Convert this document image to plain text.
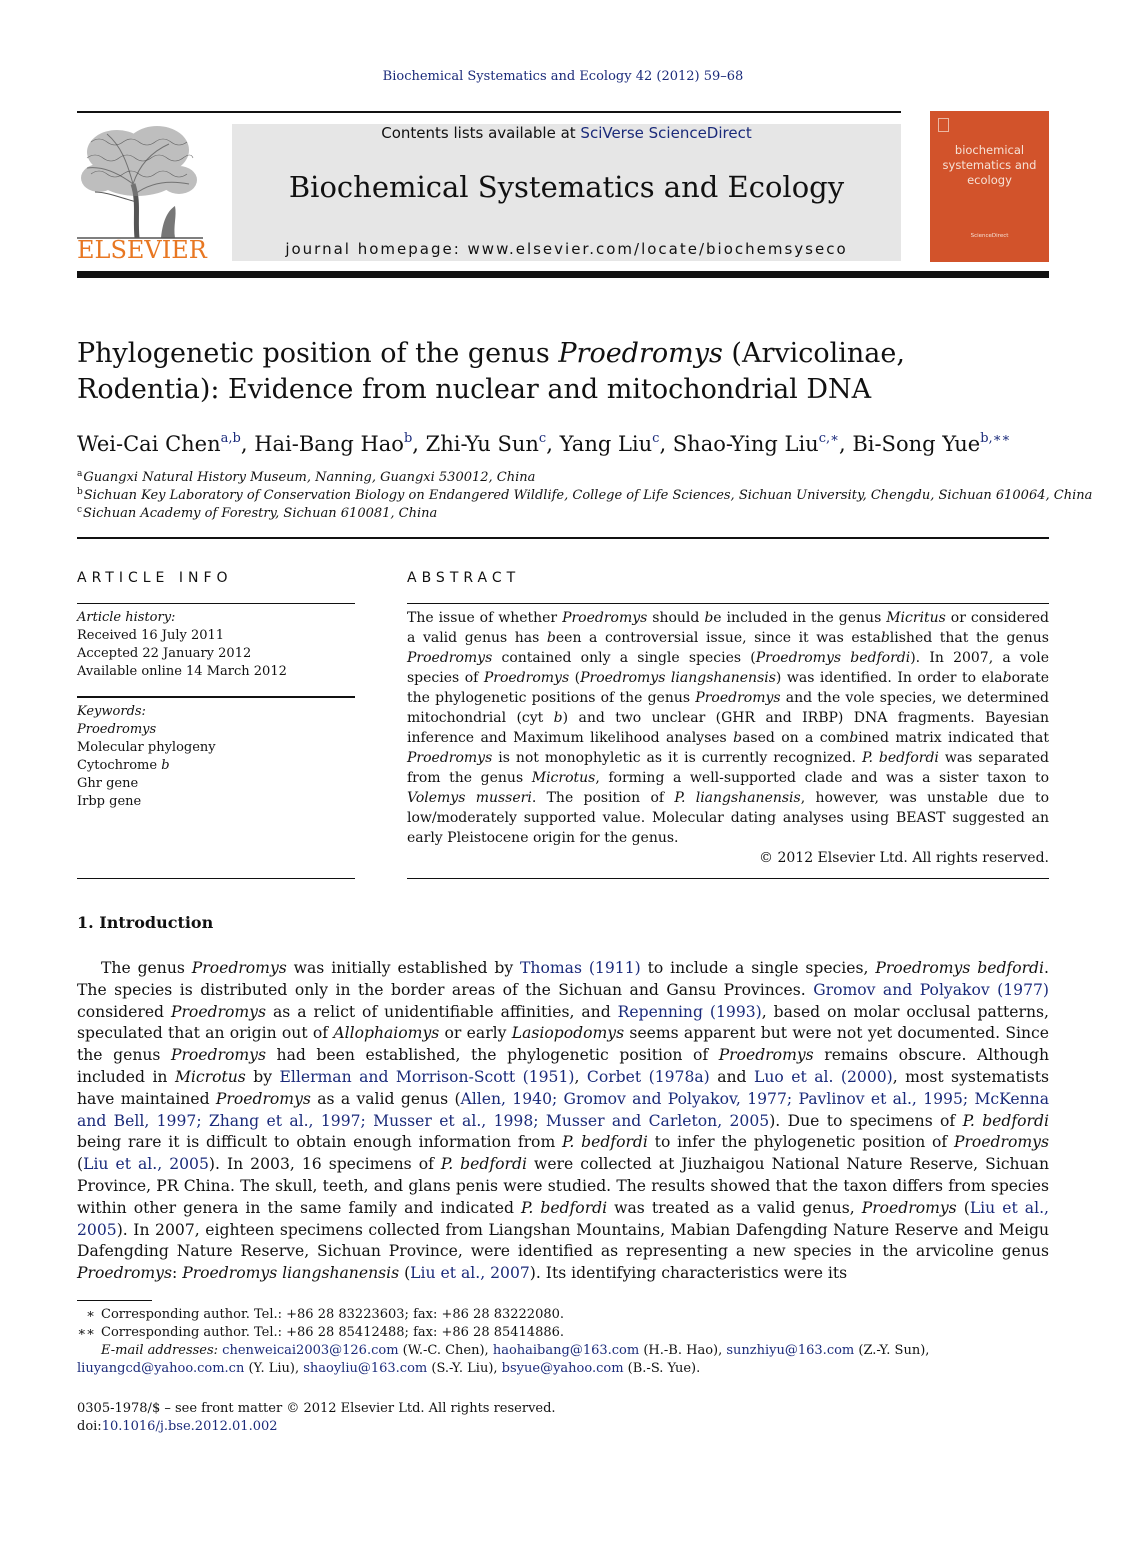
Biochemical Systematics and Ecology 42 (2012) 59–68
ELSEVIER
Contents lists available at SciVerse ScienceDirect
Biochemical Systematics and Ecology
journal homepage: www.elsevier.com/locate/biochemsyseco
biochemical systematics and ecology
ScienceDirect
Phylogenetic position of the genus Proedromys (Arvicolinae, Rodentia): Evidence from nuclear and mitochondrial DNA
Wei-Cai Chen$^{a,b}$, Hai-Bang Hao$^b$, Zhi-Yu Sun$^c$, Yang Liu$^c$, Shao-Ying Liu$^{c,∗}$, Bi-Song Yue$^{b,∗∗}$
$^a$Guangxi Natural History Museum, Nanning, Guangxi 530012, China
$^b$Sichuan Key Laboratory of Conservation Biology on Endangered Wildlife, College of Life Sciences, Sichuan University, Chengdu, Sichuan 610064, China
$^c$Sichuan Academy of Forestry, Sichuan 610081, China
ARTICLE INFO
Article history:
Received 16 July 2011
Accepted 22 January 2012
Available online 14 March 2012
Keywords:
Proedromys
Molecular phylogeny
Cytochrome b
Ghr gene
Irbp gene
ABSTRACT
The issue of whether Proedromys should be included in the genus Micritus or considered a valid genus has been a controversial issue, since it was established that the genus Proedromys contained only a single species (Proedromys bedfordi). In 2007, a vole species of Proedromys (Proedromys liangshanensis) was identified. In order to elaborate the phylogenetic positions of the genus Proedromys and the vole species, we determined mitochondrial (cyt b) and two unclear (GHR and IRBP) DNA fragments. Bayesian inference and Maximum likelihood analyses based on a combined matrix indicated that Proedromys is not monophyletic as it is currently recognized. P. bedfordi was separated from the genus Microtus, forming a well-supported clade and was a sister taxon to Volemys musseri. The position of P. liangshanensis, however, was unstable due to low/moderately supported value. Molecular dating analyses using BEAST suggested an early Pleistocene origin for the genus.
© 2012 Elsevier Ltd. All rights reserved.
1. Introduction

The genus Proedromys was initially established by Thomas (1911) to include a single species, Proedromys bedfordi. The species is distributed only in the border areas of the Sichuan and Gansu Provinces. Gromov and Polyakov (1977) considered Proedromys as a relict of unidentifiable affinities, and Repenning (1993), based on molar occlusal patterns, speculated that an origin out of Allophaiomys or early Lasiopodomys seems apparent but were not yet documented. Since the genus Proedromys had been established, the phylogenetic position of Proedromys remains obscure. Although included in Microtus by Ellerman and Morrison-Scott (1951), Corbet (1978a) and Luo et al. (2000), most systematists have maintained Proedromys as a valid genus (Allen, 1940; Gromov and Polyakov, 1977; Pavlinov et al., 1995; McKenna and Bell, 1997; Zhang et al., 1997; Musser et al., 1998; Musser and Carleton, 2005). Due to specimens of P. bedfordi being rare it is difficult to obtain enough information from P. bedfordi to infer the phylogenetic position of Proedromys (Liu et al., 2005). In 2003, 16 specimens of P. bedfordi were collected at Jiuzhaigou National Nature Reserve, Sichuan Province, PR China. The skull, teeth, and glans penis were studied. The results showed that the taxon differs from species within other genera in the same family and indicated P. bedfordi was treated as a valid genus, Proedromys (Liu et al., 2005). In 2007, eighteen specimens collected from Liangshan Mountains, Mabian Dafengding Nature Reserve and Meigu Dafengding Nature Reserve, Sichuan Province, were identified as representing a new species in the arvicoline genus Proedromys: Proedromys liangshanensis (Liu et al., 2007). Its identifying characteristics were its

∗ Corresponding author. Tel.: +86 28 83223603; fax: +86 28 83222080.
∗∗ Corresponding author. Tel.: +86 28 85412488; fax: +86 28 85414886.
E-mail addresses: chenweicai2003@126.com (W.-C. Chen), haohaibang@163.com (H.-B. Hao), sunzhiyu@163.com (Z.-Y. Sun), liuyangcd@yahoo.com.cn (Y. Liu), shaoyliu@163.com (S.-Y. Liu), bsyue@yahoo.com (B.-S. Yue).
0305-1978/$ – see front matter © 2012 Elsevier Ltd. All rights reserved.
doi:10.1016/j.bse.2012.01.002
